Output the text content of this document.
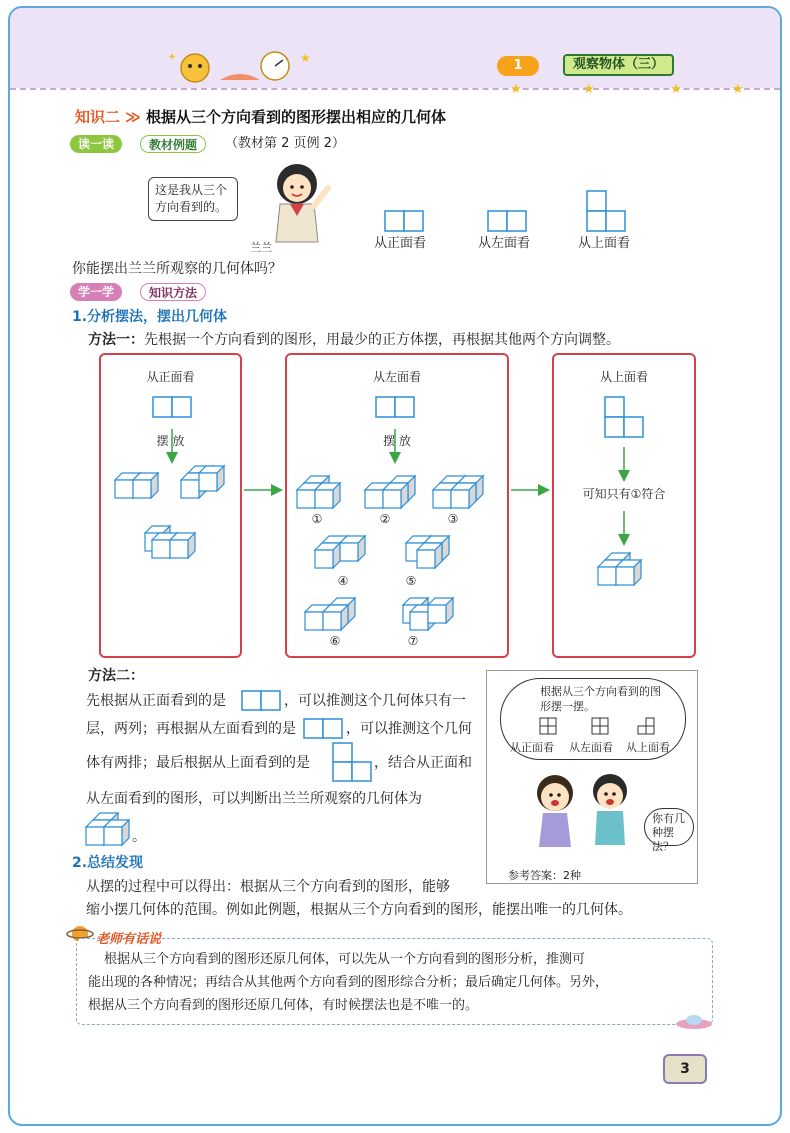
★
✦
1	观察物体（三）
★	★	★	★
知识二 ≫ 根据从三个方向看到的图形摆出相应的几何体
读一读	教材例题	（教材第 2 页例 2）
这是我从三个方向看到的。
兰兰	从正面看	从左面看	从上面看
你能摆出兰兰所观察的几何体吗？
学一学	知识方法
1.分析摆法，摆出几何体
方法一：先根据一个方向看到的图形，用最少的正方体摆，再根据其他两个方向调整。
从正面看
摆 放
从左面看
摆 放
①	②	③
④	⑤
⑥	⑦
从上面看
可知只有①符合
方法二：
先根据从正面看到的是	，可以推测这个几何体只有一
层，两列；再根据从左面看到的是	，可以推测这个几何
体有两排；最后根据从上面看到的是	，结合从正面和
从左面看到的图形，可以判断出兰兰所观察的几何体为
。
根据从三个方向看到的图形摆一摆。
从正面看 从左面看 从上面看
你有几种摆法？
参考答案：2种
2.总结发现
从摆的过程中可以得出：根据从三个方向看到的图形，能够
缩小摆几何体的范围。例如此例题，根据从三个方向看到的图形，能摆出唯一的几何体。
老师有话说
根据从三个方向看到的图形还原几何体，可以先从一个方向看到的图形分析，推测可
能出现的各种情况；再结合从其他两个方向看到的图形综合分析；最后确定几何体。另外，
根据从三个方向看到的图形还原几何体，有时候摆法也是不唯一的。
3
